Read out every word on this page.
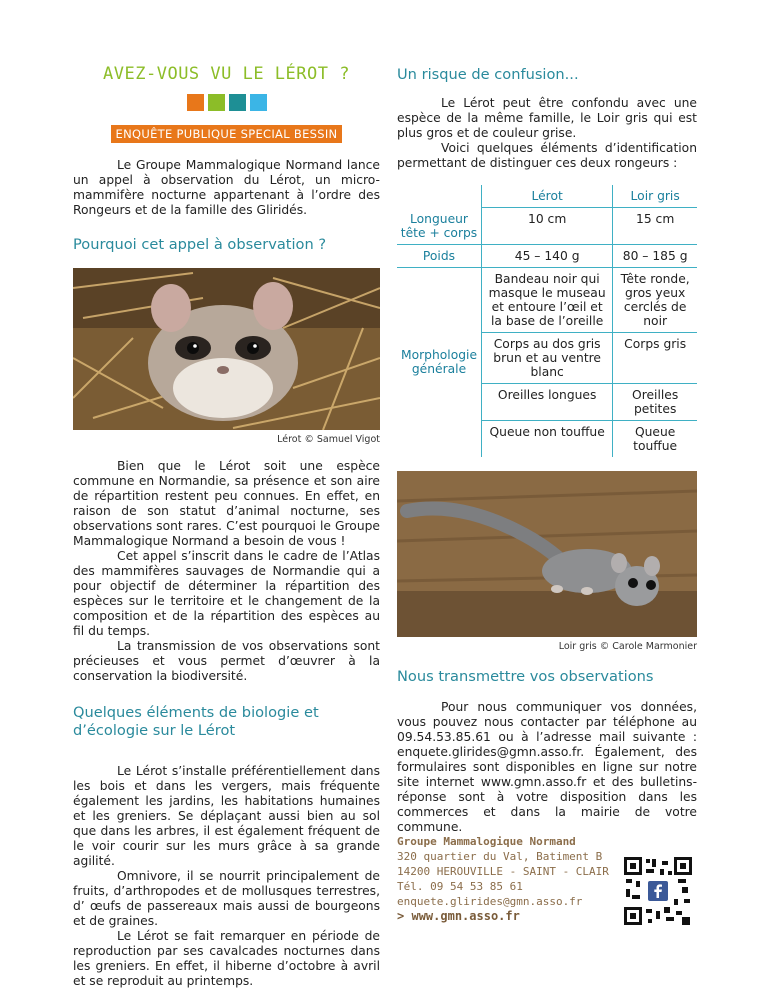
AVEZ-VOUS VU LE LÉROT ?
ENQUÊTE PUBLIQUE SPECIAL BESSIN

Le Groupe Mammalogique Normand lance un appel à observation du Lérot, un micro-mammifère nocturne appartenant à l’ordre des Rongeurs et de la famille des Gliridés.

Pourquoi cet appel à observation ?
Lérot © Samuel Vigot

Bien que le Lérot soit une espèce commune en Normandie, sa présence et son aire de répartition restent peu connues. En effet, en raison de son statut d’animal nocturne, ses observations sont rares. C’est pourquoi le Groupe Mammalogique Normand a besoin de vous !

Cet appel s’inscrit dans le cadre de l’Atlas des mammifères sauvages de Normandie qui a pour objectif de déterminer la répartition des espèces sur le territoire et le changement de la composition et de la répartition des espèces au fil du temps.

La transmission de vos observations sont précieuses et vous permet d’œuvrer à la conservation la biodiversité.

Quelques éléments de biologie et d’écologie sur le Lérot

Le Lérot s’installe préférentiellement dans les bois et dans les vergers, mais fréquente également les jardins, les habitations humaines et les greniers. Se déplaçant aussi bien au sol que dans les arbres, il est également fréquent de le voir courir sur les murs grâce à sa grande agilité.

Omnivore, il se nourrit principalement de fruits, d’arthropodes et de mollusques terrestres, d’ œufs de passereaux mais aussi de bourgeons et de graines.

Le Lérot se fait remarquer en période de reproduction par ses cavalcades nocturnes dans les greniers. En effet, il hiberne d’octobre à avril et se reproduit au printemps.

Un risque de confusion...

Le Lérot peut être confondu avec une espèce de la même famille, le Loir gris qui est plus gros et de couleur grise.

Voici quelques éléments d’identification permettant de distinguer ces deux rongeurs :

	Lérot	Loir gris
Longueur tête + corps	10 cm	15 cm
Poids	45 – 140 g	80 – 185 g
Morphologie générale	Bandeau noir qui masque le museau et entoure l’œil et la base de l’oreille	Tête ronde, gros yeux cerclés de noir
	Corps au dos gris brun et au ventre blanc	Corps gris
	Oreilles longues	Oreilles petites
	Queue non touffue	Queue touffue
Loir gris © Carole Marmonier
Nous transmettre vos observations

Pour nous communiquer vos données, vous pouvez nous contacter par téléphone au 09.54.53.85.61 ou à l’adresse mail suivante : enquete.glirides@gmn.asso.fr. Également, des formulaires sont disponibles en ligne sur notre site internet www.gmn.asso.fr et des bulletins-réponse sont à votre disposition dans les commerces et dans la mairie de votre commune.

Groupe Mammalogique Normand
320 quartier du Val, Batiment B
14200 HEROUVILLE - SAINT - CLAIR
Tél. 09 54 53 85 61
enquete.glirides@gmn.asso.fr
> www.gmn.asso.fr
